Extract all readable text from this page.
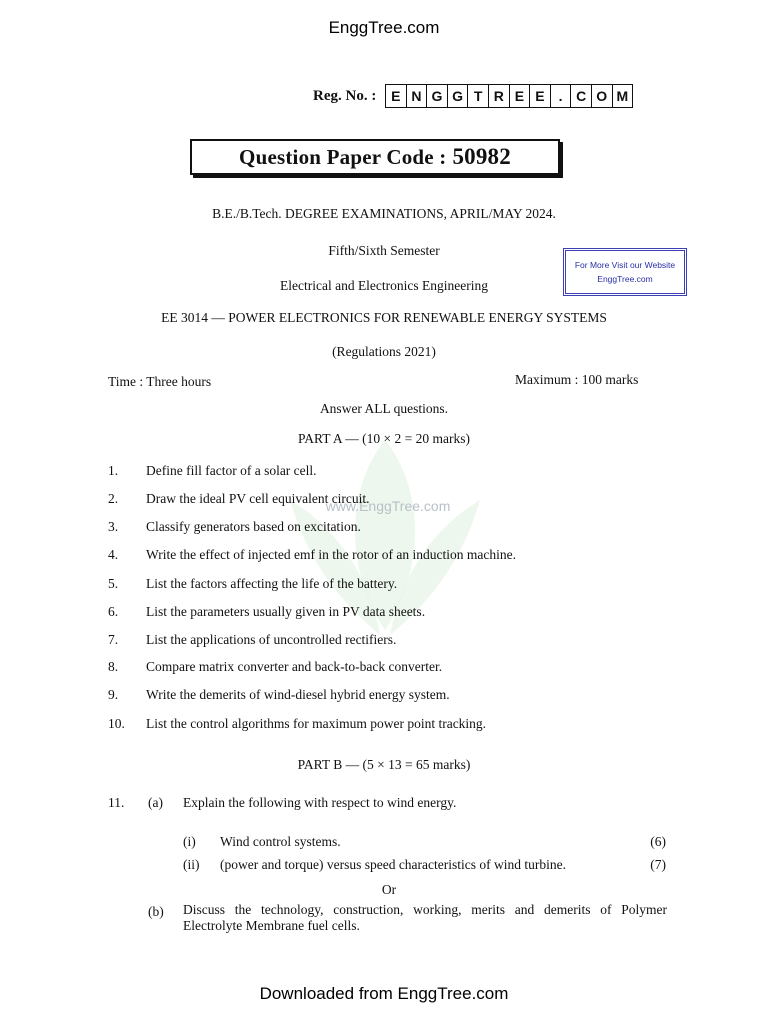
EnggTree.com
Reg. No. :	E N G G T R E E . C O M
Question Paper Code : 50982
B.E./B.Tech. DEGREE EXAMINATIONS, APRIL/MAY 2024.
Fifth/Sixth Semester
Electrical and Electronics Engineering
EE 3014 — POWER ELECTRONICS FOR RENEWABLE ENERGY SYSTEMS
(Regulations 2021)
www.EnggTree.com
For More Visit our Website
EnggTree.com
Time : Three hours	Maximum : 100 marks
Answer ALL questions.
PART A — (10 × 2 = 20 marks)
1.	Define fill factor of a solar cell.
2.	Draw the ideal PV cell equivalent circuit.
3.	Classify generators based on excitation.
4.	Write the effect of injected emf in the rotor of an induction machine.
5.	List the factors affecting the life of the battery.
6.	List the parameters usually given in PV data sheets.
7.	List the applications of uncontrolled rectifiers.
8.	Compare matrix converter and back-to-back converter.
9.	Write the demerits of wind-diesel hybrid energy system.
10.	List the control algorithms for maximum power point tracking.
PART B — (5 × 13 = 65 marks)
11.	(a) Explain the following with respect to wind energy.
(i) Wind control systems.	(6)
(ii) (power and torque) versus speed characteristics of wind turbine.	(7)
Or
(b) Discuss the technology, construction, working, merits and demerits of Polymer Electrolyte Membrane fuel cells.
Downloaded from EnggTree.com
